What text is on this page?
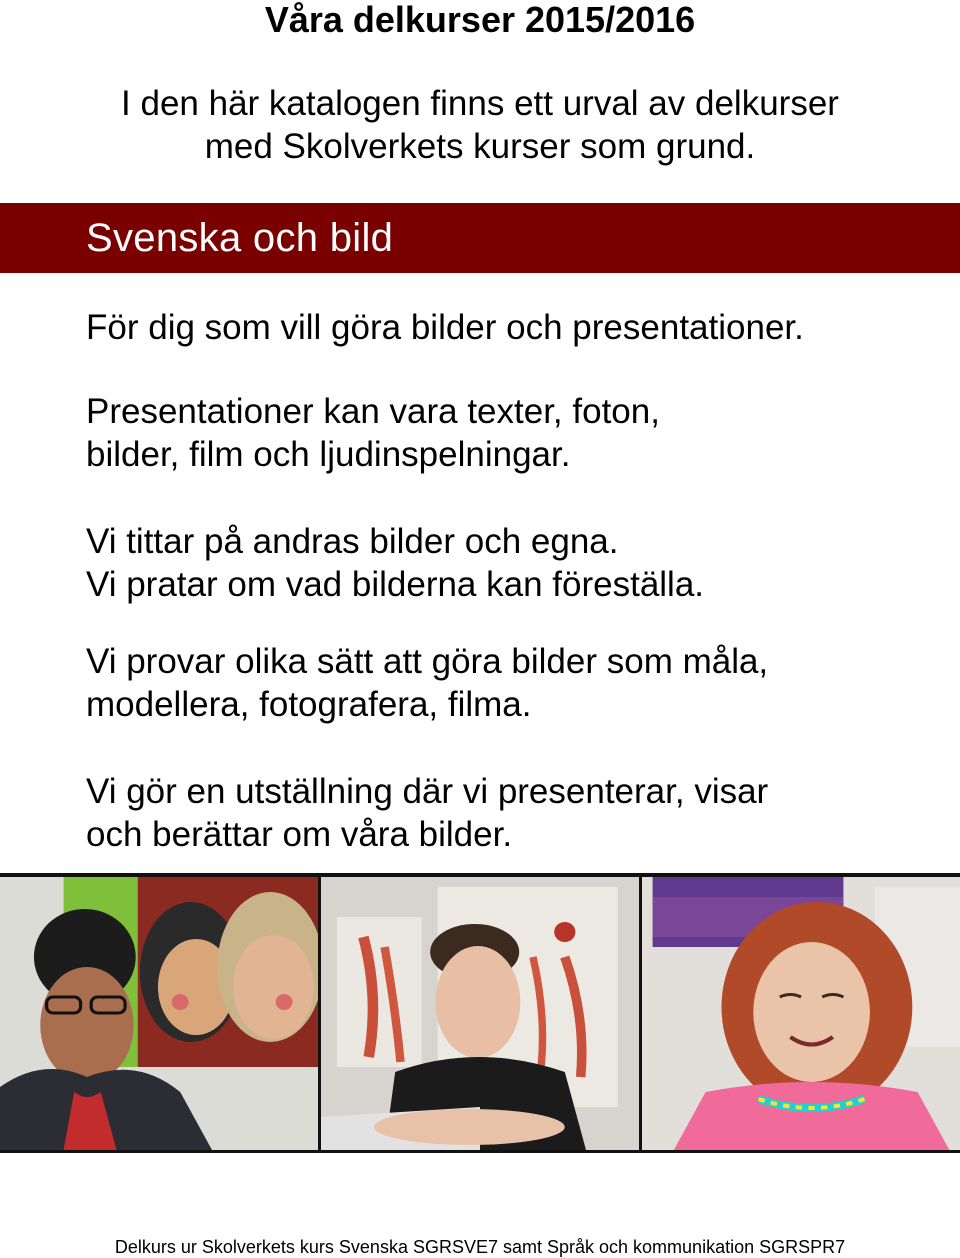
Våra delkurser 2015/2016

I den här katalogen finns ett urval av delkurser
med Skolverkets kurser som grund.

Svenska och bild

För dig som vill göra bilder och presentationer.

Presentationer kan vara texter, foton,
bilder, film och ljudinspelningar.

Vi tittar på andras bilder och egna.
Vi pratar om vad bilderna kan föreställa.

Vi provar olika sätt att göra bilder som måla,
modellera, fotografera, filma.

Vi gör en utställning där vi presenterar, visar
och berättar om våra bilder.

Delkurs ur Skolverkets kurs Svenska SGRSVE7 samt Språk och kommunikation SGRSPR7
